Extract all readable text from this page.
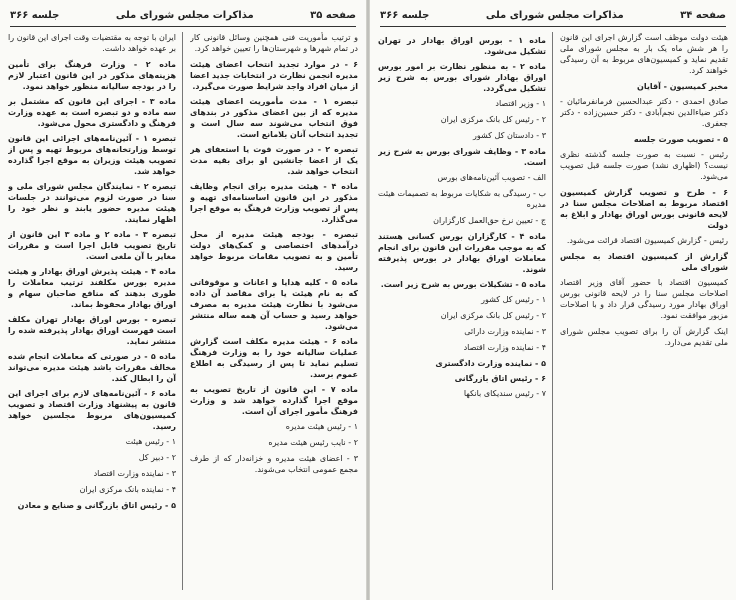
صفحه ۳۵
مذاکرات مجلس شورای ملی
جلسه ۳۶۶

و ترتیب مأموریت فنی همچنین وسائل قانونی کار در تمام شهرها و شهرستان‌ها را تعیین خواهد کرد.

۶ - در موارد تجدید انتخاب اعضای هیئت مدیره انجمن نظارت در انتخابات جدید اعضا از میان افراد واجد شرایط صورت می‌گیرد.

تبصره ۱ - مدت مأموریت اعضای هیئت مدیره که از بین اعضای مذکور در بندهای فوق انتخاب می‌شوند سه سال است و تجدید انتخاب آنان بلامانع است.

تبصره ۲ - در صورت فوت یا استعفای هر یک از اعضا جانشین او برای بقیه مدت انتخاب خواهد شد.

ماده ۴ - هیئت مدیره برای انجام وظایف مذکور در این قانون اساسنامه‌ای تهیه و پس از تصویب وزارت فرهنگ به موقع اجرا می‌گذارد.

تبصره - بودجه هیئت مدیره از محل درآمدهای اختصاصی و کمک‌های دولت تأمین و به تصویب مقامات مربوط خواهد رسید.

ماده ۵ - کلیه هدایا و اعانات و موقوفاتی که به نام هیئت یا برای مقاصد آن داده می‌شود با نظارت هیئت مدیره به مصرف خواهد رسید و حساب آن همه ساله منتشر می‌شود.

ماده ۶ - هیئت مدیره مکلف است گزارش عملیات سالیانه خود را به وزارت فرهنگ تسلیم نماید تا پس از رسیدگی به اطلاع عموم برسد.

ماده ۷ - این قانون از تاریخ تصویب به موقع اجرا گذارده خواهد شد و وزارت فرهنگ مأمور اجرای آن است.

۱ - رئیس هیئت مدیره

۲ - نایب رئیس هیئت مدیره

۳ - اعضای هیئت مدیره و خزانه‌دار که از طرف مجمع عمومی انتخاب می‌شوند.

ایران با توجه به مقتضیات وقت اجرای این قانون را بر عهده خواهد داشت.

ماده ۲ - وزارت فرهنگ برای تأمین هزینه‌های مذکور در این قانون اعتبار لازم را در بودجه سالیانه منظور خواهد نمود.

ماده ۳ - اجرای این قانون که مشتمل بر سه ماده و دو تبصره است به عهده وزارت فرهنگ و دادگستری محول می‌شود.

تبصره ۱ - آئین‌نامه‌های اجرائی این قانون توسط وزارتخانه‌های مربوط تهیه و پس از تصویب هیئت وزیران به موقع اجرا گذارده خواهد شد.

تبصره ۲ - نمایندگان مجلس شورای ملی و سنا در صورت لزوم می‌توانند در جلسات هیئت مدیره حضور یابند و نظر خود را اظهار نمایند.

تبصره ۳ - ماده ۲ و ماده ۳ این قانون از تاریخ تصویب قابل اجرا است و مقررات مغایر با آن ملغی است.

ماده ۴ - هیئت پذیرش اوراق بهادار و هیئت مدیره بورس مکلفند ترتیب معاملات را طوری بدهند که منافع صاحبان سهام و اوراق بهادار محفوظ بماند.

تبصره - بورس اوراق بهادار تهران مکلف است فهرست اوراق بهادار پذیرفته شده را منتشر نماید.

ماده ۵ - در صورتی که معاملات انجام شده مخالف مقررات باشد هیئت مدیره می‌تواند آن را ابطال کند.

ماده ۶ - آئین‌نامه‌های لازم برای اجرای این قانون به پیشنهاد وزارت اقتصاد و تصویب کمیسیون‌های مربوط مجلسین خواهد رسید.

۱ - رئیس هیئت

۲ - دبیر کل

۳ - نماینده وزارت اقتصاد

۴ - نماینده بانک مرکزی ایران

۵ - رئیس اتاق بازرگانی و صنایع و معادن

صفحه ۳۴
مذاکرات مجلس شورای ملی
جلسه ۳۶۶

هیئت دولت موظف است گزارش اجرای این قانون را هر شش ماه یک بار به مجلس شورای ملی تقدیم نماید و کمیسیون‌های مربوط به آن رسیدگی خواهند کرد.

مخبر کمیسیون - آقایان

صادق احمدی - دکتر عبدالحسین فرمانفرمائیان - دکتر ضیاءالدین نجم‌آبادی - دکتر حسین‌زاده - دکتر جعفری.

۵ - تصویب صورت جلسه

رئیس - نسبت به صورت جلسه گذشته نظری نیست؟ (اظهاری نشد) صورت جلسه قبل تصویب می‌شود.

۶ - طرح و تصویب گزارش کمیسیون اقتصاد مربوط به اصلاحات مجلس سنا در لایحه قانونی بورس اوراق بهادار و ابلاغ به دولت

رئیس - گزارش کمیسیون اقتصاد قرائت می‌شود.

گزارش از کمیسیون اقتصاد به مجلس شورای ملی

کمیسیون اقتصاد با حضور آقای وزیر اقتصاد اصلاحات مجلس سنا را در لایحه قانونی بورس اوراق بهادار مورد رسیدگی قرار داد و با اصلاحات مزبور موافقت نمود.

اینک گزارش آن را برای تصویب مجلس شورای ملی تقدیم می‌دارد.

ماده ۱ - بورس اوراق بهادار در تهران تشکیل می‌شود.

ماده ۲ - به منظور نظارت بر امور بورس اوراق بهادار شورای بورس به شرح زیر تشکیل می‌گردد.

۱ - وزیر اقتصاد

۲ - رئیس کل بانک مرکزی ایران

۳ - دادستان کل کشور

ماده ۳ - وظایف شورای بورس به شرح زیر است.

الف - تصویب آئین‌نامه‌های بورس

ب - رسیدگی به شکایات مربوط به تصمیمات هیئت مدیره

ج - تعیین نرخ حق‌العمل کارگزاران

ماده ۴ - کارگزاران بورس کسانی هستند که به موجب مقررات این قانون برای انجام معاملات اوراق بهادار در بورس پذیرفته شوند.

ماده ۵ - تشکیلات بورس به شرح زیر است.

۱ - رئیس کل کشور

۲ - رئیس کل بانک مرکزی ایران

۳ - نماینده وزارت دارائی

۴ - نماینده وزارت اقتصاد

۵ - نماینده وزارت دادگستری

۶ - رئیس اتاق بازرگانی

۷ - رئیس سندیکای بانکها
